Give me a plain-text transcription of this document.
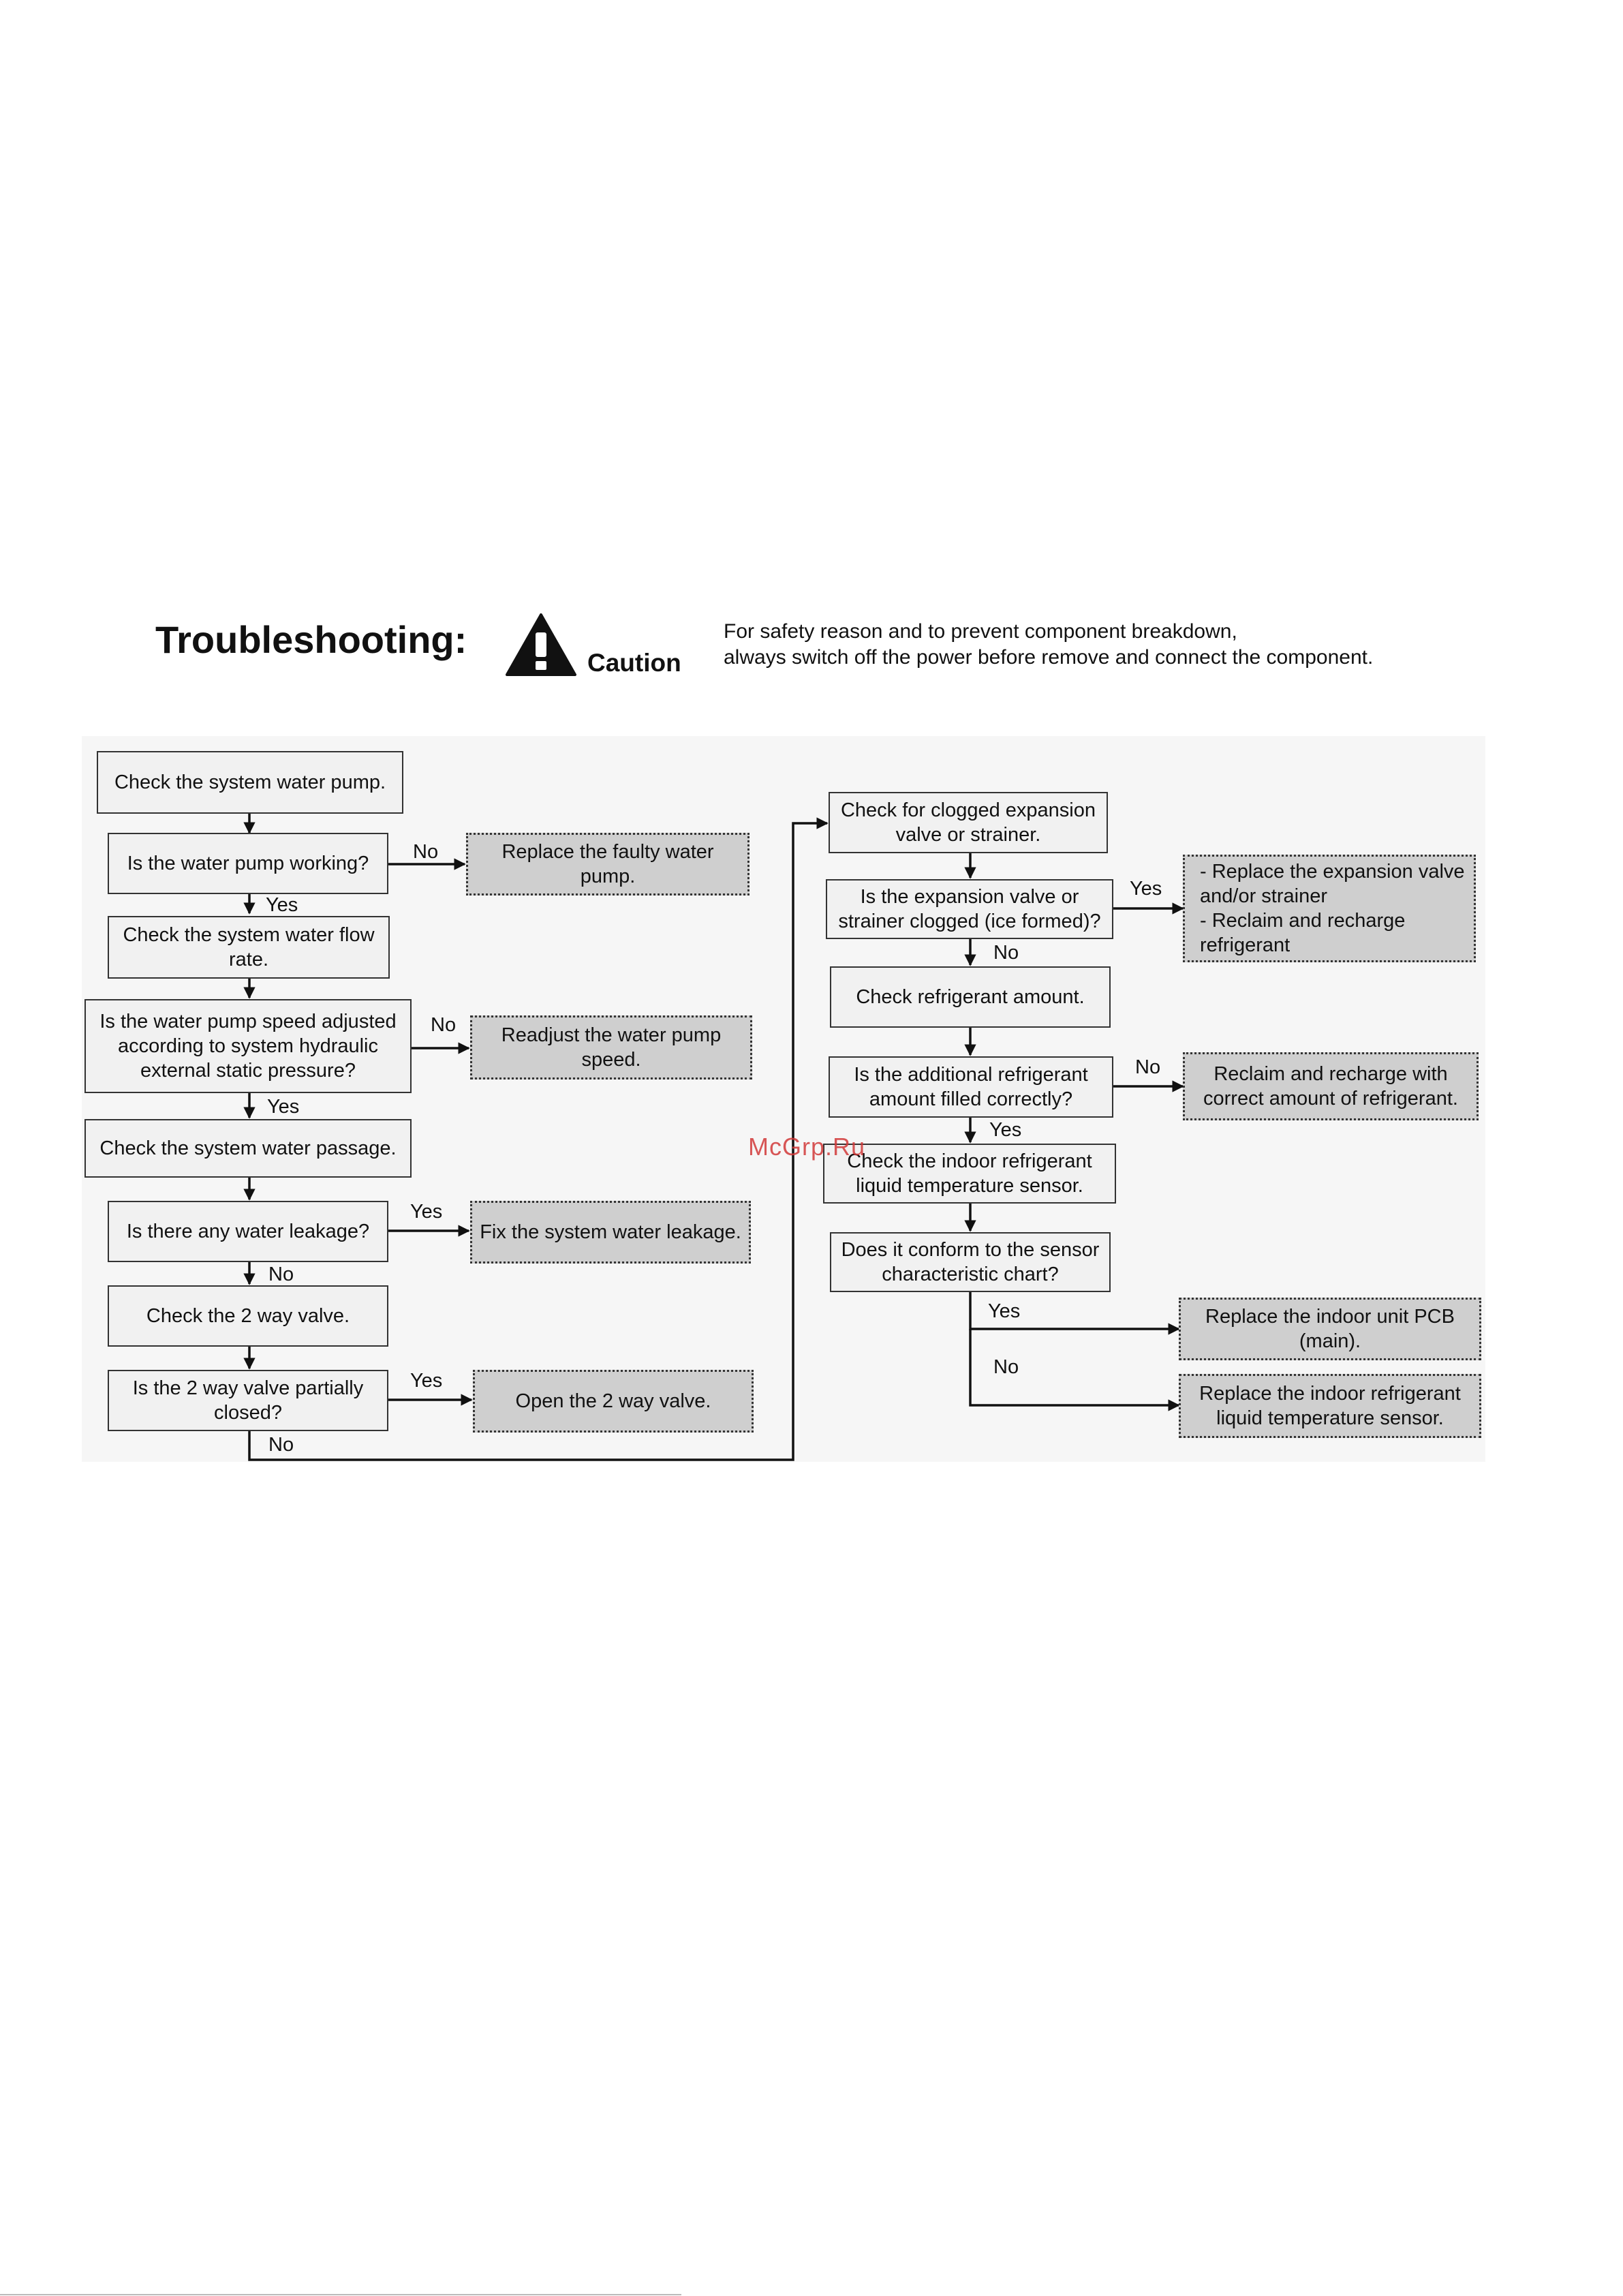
Troubleshooting:
Caution
For safety reason and to prevent component breakdown,
always switch off the power before remove and connect the component.
Check the system water pump.
Is the water pump working?
Replace the faulty water pump.
Check the system water flow rate.
Is the water pump speed adjusted according to system hydraulic external static pressure?
Readjust the water pump speed.
Check the system water passage.
Is there any water leakage?	Fix the system water leakage.
Check the 2 way valve.
Is the 2 way valve partially closed?
Open the 2 way valve.
Check for clogged expansion valve or strainer.
Is the expansion valve or strainer clogged (ice formed)?
- Replace the expansion valve and/or strainer
- Reclaim and recharge refrigerant
Check refrigerant amount.
Is the additional refrigerant amount filled correctly?
Reclaim and recharge with correct amount of refrigerant.
Check the indoor refrigerant liquid temperature sensor.
Does it conform to the sensor characteristic chart?
Replace the indoor unit PCB (main).
Replace the indoor refrigerant liquid temperature sensor.
No
Yes
No
Yes
Yes
No
Yes
No
Yes
No
No
Yes
Yes
No
McGrp.Ru
